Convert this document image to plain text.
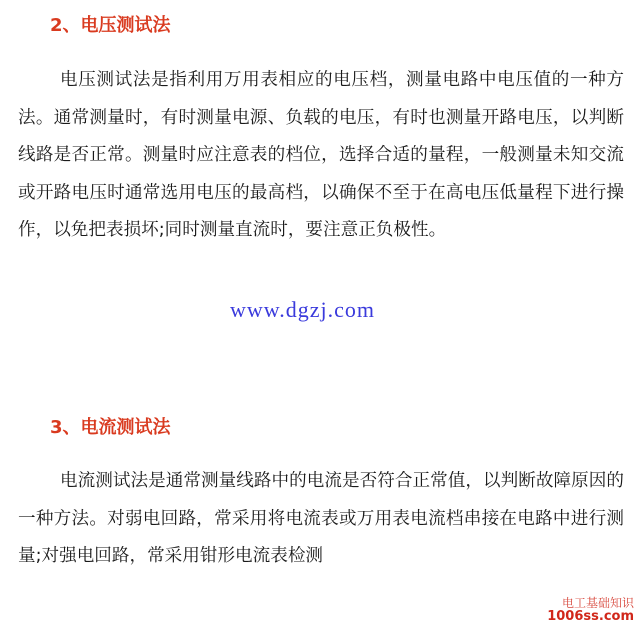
2、电压测试法

电压测试法是指利用万用表相应的电压档，测量电路中电压值的一种方法。通常测量时，有时测量电源、负载的电压，有时也测量开路电压，以判断线路是否正常。测量时应注意表的档位，选择合适的量程，一般测量未知交流或开路电压时通常选用电压的最高档，以确保不至于在高电压低量程下进行操作，以免把表损坏;同时测量直流时，要注意正负极性。

www.dgzj.com
3、电流测试法

电流测试法是通常测量线路中的电流是否符合正常值，以判断故障原因的一种方法。对弱电回路，常采用将电流表或万用表电流档串接在电路中进行测量;对强电回路，常采用钳形电流表检测

电工基础知识
1006ss.com
